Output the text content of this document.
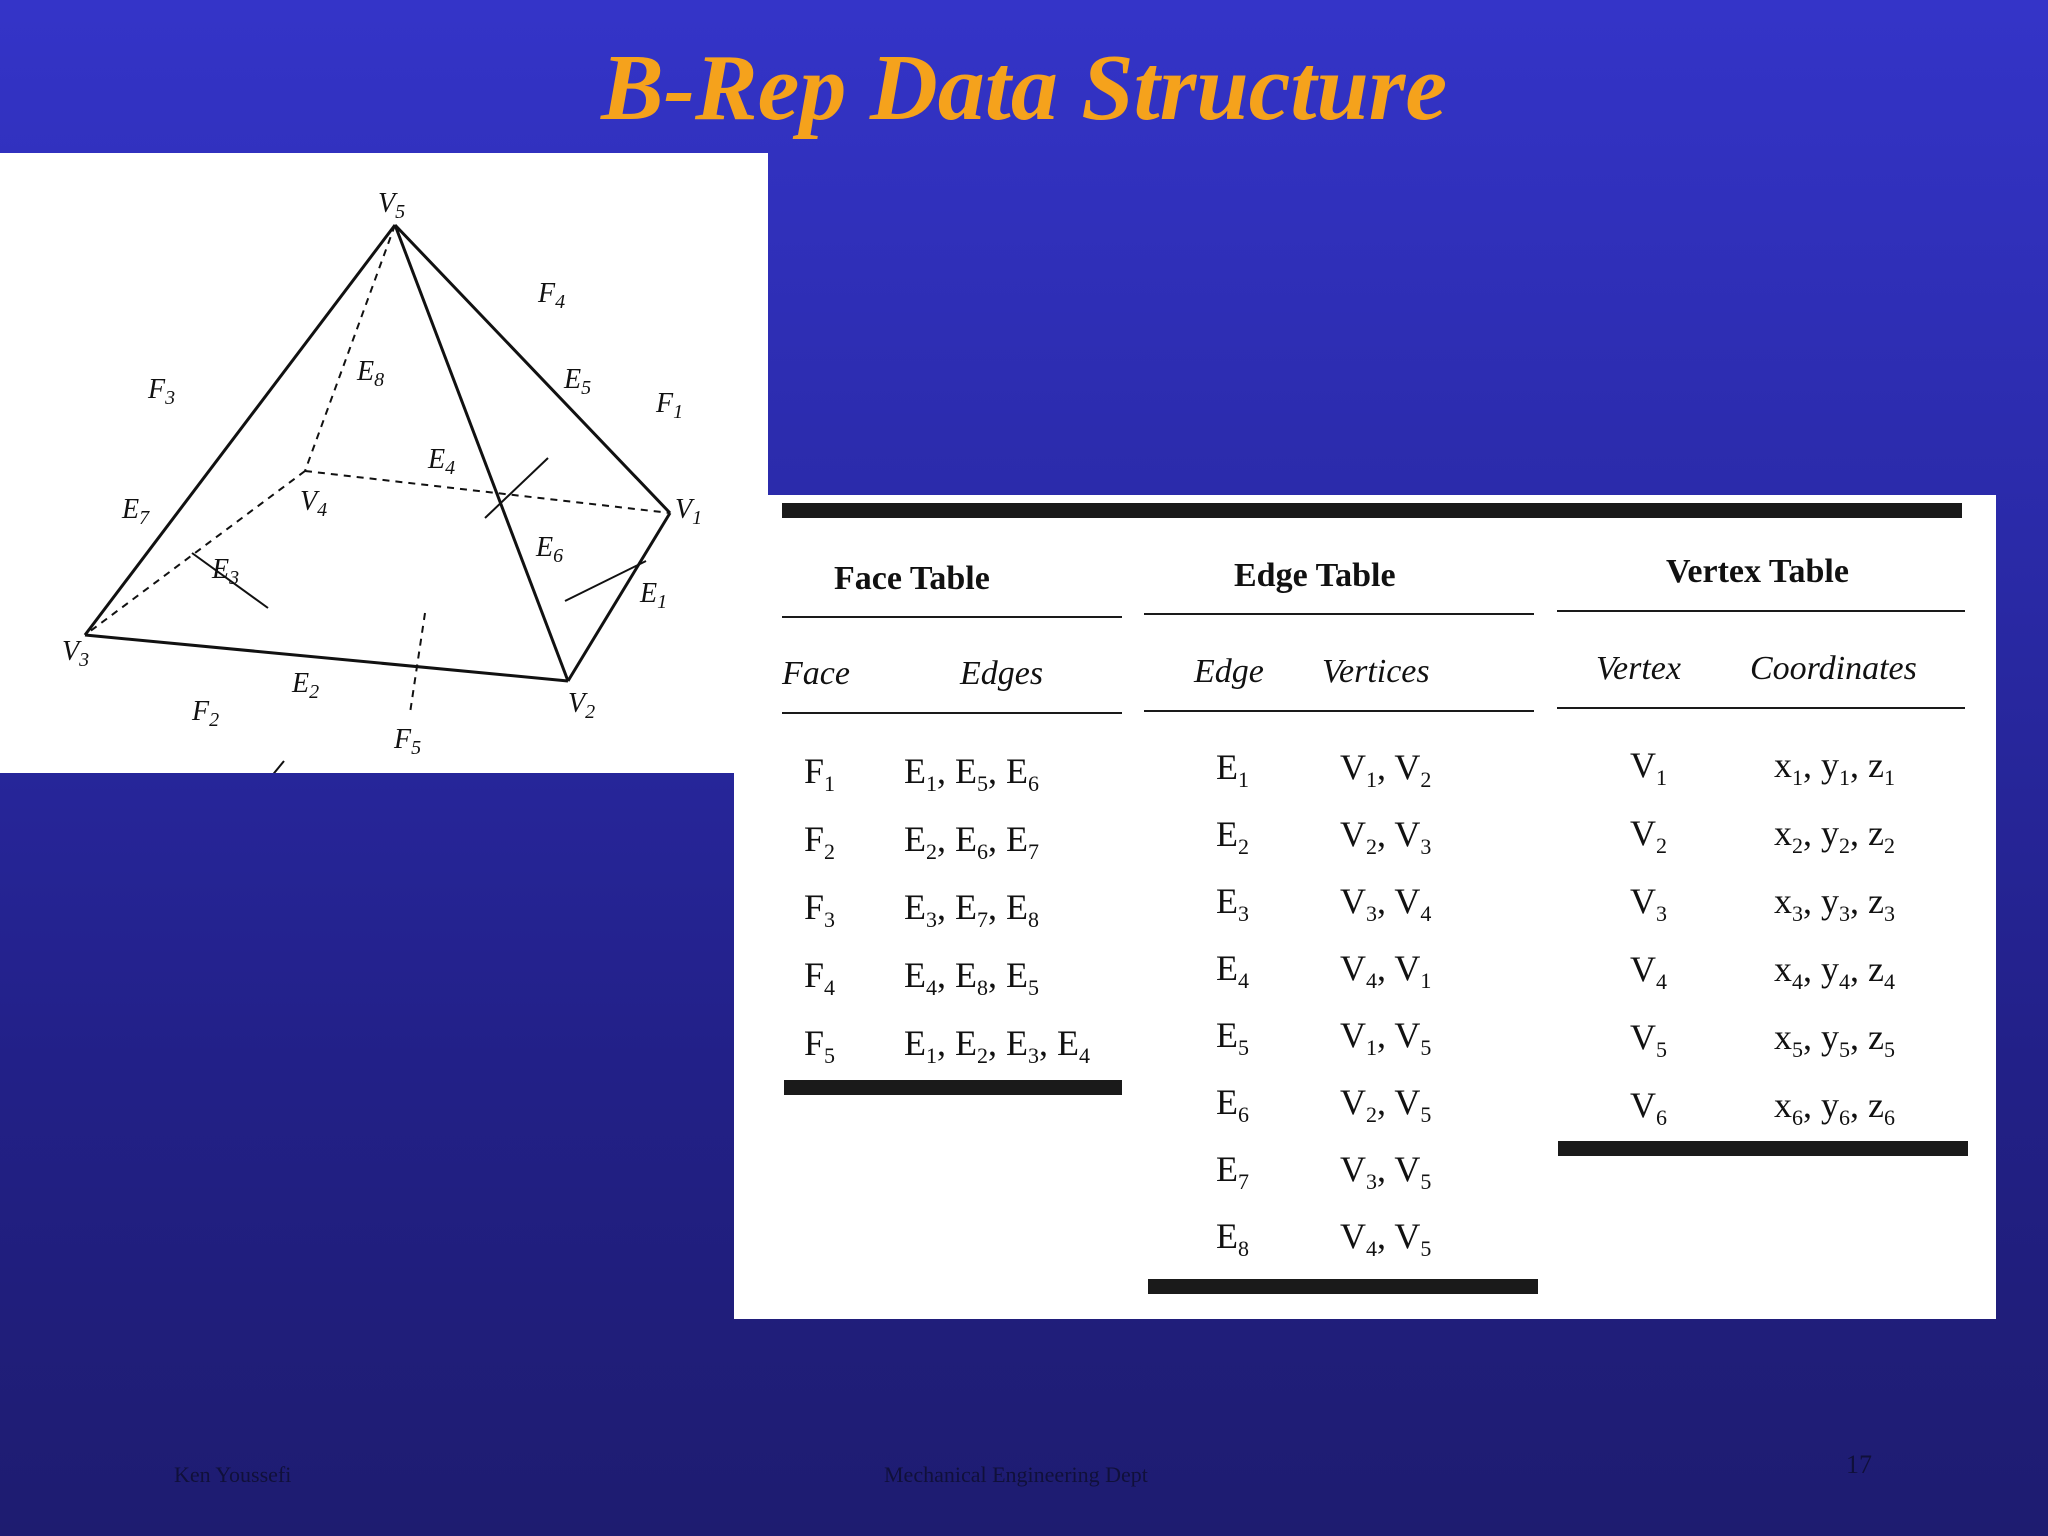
B-Rep Data Structure
$V_5$
$V_4$	$V_1$
$V_3$
$V_2$
$F_4$
$F_3$	$F_1$
$F_2$
$F_5$
$E_8$	$E_5$
$E_4$
$E_7$
$E_6$
$E_3$	$E_1$
$E_2$
Face Table
Face	Edges
$F_1$ $E_1$, $E_5$, $E_6$
$F_2$ $E_2$, $E_6$, $E_7$
$F_3$ $E_3$, $E_7$, $E_8$
$F_4$ $E_4$, $E_8$, $E_5$
$F_5$ $E_1$, $E_2$, $E_3$, $E_4$
Edge Table
Edge Vertices
$E_1$	$V_1$, $V_2$
$E_2$	$V_2$, $V_3$
$E_3$	$V_3$, $V_4$
$E_4$	$V_4$, $V_1$
$E_5$	$V_1$, $V_5$
$E_6$	$V_2$, $V_5$
$E_7$	$V_3$, $V_5$
$E_8$	$V_4$, $V_5$
Vertex Table
Vertex Coordinates
$V_1$	$x_1$, $y_1$, $z_1$
$V_2$	$x_2$, $y_2$, $z_2$
$V_3$	$x_3$, $y_3$, $z_3$
$V_4$	$x_4$, $y_4$, $z_4$
$V_5$	$x_5$, $y_5$, $z_5$
$V_6$	$x_6$, $y_6$, $z_6$
Ken Youssefi	Mechanical Engineering Dept	17
